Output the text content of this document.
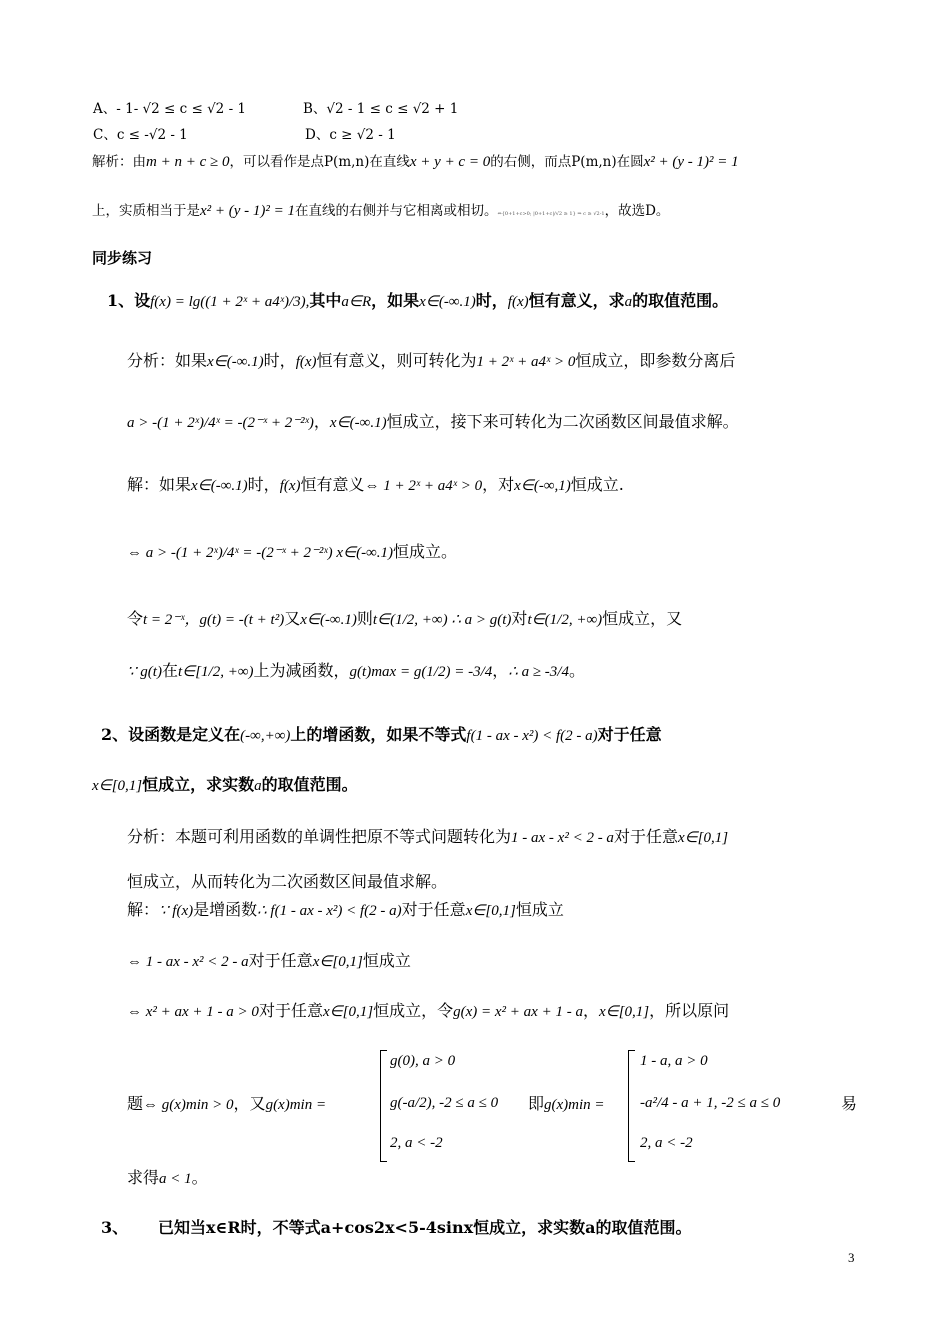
A、- 1- √2 ≤ c ≤ √2 - 1	B、√2 - 1 ≤ c ≤ √2 + 1
C、c ≤ -√2 - 1	D、c ≥ √2 - 1
解析：由m + n + c ≥ 0，可以看作是点P(m,n)在直线x + y + c = 0的右侧，而点P(m,n)在圆x² + (y - 1)² = 1
上，实质相当于是x² + (y - 1)² = 1在直线的右侧并与它相离或相切。⇔{0+1+c>0; |0+1+c|/√2 ≥ 1} ⇒ c ≥ √2-1，故选D。
同步练习
1、设f(x) = lg((1 + 2ˣ + a4ˣ)/3),其中a∈R，如果x∈(-∞.1)时，f(x)恒有意义，求a的取值范围。
分析：如果x∈(-∞.1)时，f(x)恒有意义，则可转化为1 + 2ˣ + a4ˣ > 0恒成立，即参数分离后
a > -(1 + 2ˣ)/4ˣ = -(2⁻ˣ + 2⁻²ˣ)，x∈(-∞.1)恒成立，接下来可转化为二次函数区间最值求解。
解：如果x∈(-∞.1)时，f(x)恒有意义⇔ 1 + 2ˣ + a4ˣ > 0，对x∈(-∞,1)恒成立.
⇔ a > -(1 + 2ˣ)/4ˣ = -(2⁻ˣ + 2⁻²ˣ) x∈(-∞.1)恒成立。
令t = 2⁻ˣ，g(t) = -(t + t²)又x∈(-∞.1)则t∈(1/2, +∞) ∴ a > g(t)对t∈(1/2, +∞)恒成立，又
∵ g(t)在t∈[1/2, +∞)上为减函数，g(t)max = g(1/2) = -3/4，∴ a ≥ -3/4。
2、设函数是定义在(-∞,+∞)上的增函数，如果不等式f(1 - ax - x²) < f(2 - a)对于任意
x∈[0,1]恒成立，求实数a的取值范围。
分析：本题可利用函数的单调性把原不等式问题转化为1 - ax - x² < 2 - a对于任意x∈[0,1]
恒成立，从而转化为二次函数区间最值求解。
解：∵ f(x)是增函数∴ f(1 - ax - x²) < f(2 - a)对于任意x∈[0,1]恒成立
⇔ 1 - ax - x² < 2 - a对于任意x∈[0,1]恒成立
⇔ x² + ax + 1 - a > 0对于任意x∈[0,1]恒成立，令g(x) = x² + ax + 1 - a，x∈[0,1]，所以原问
题⇔ g(x)min > 0，又g(x)min =
g(0), a > 0
g(-a/2), -2 ≤ a ≤ 0
2, a < -2
即g(x)min =
1 - a, a > 0
-a²/4 - a + 1, -2 ≤ a ≤ 0
2, a < -2
易
求得a < 1。
3、 已知当x∈R时，不等式a+cos2x<5-4sinx恒成立，求实数a的取值范围。
3
